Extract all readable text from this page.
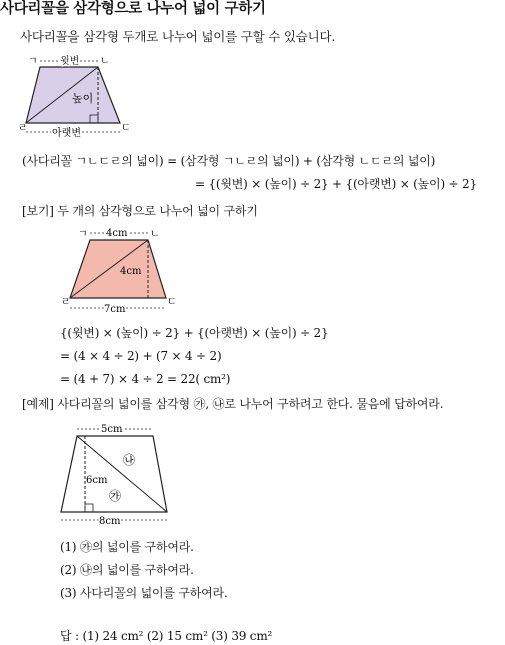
사다리꼴을 삼각형으로 나누어 넓이 구하기
사다리꼴을 삼각형 두개로 나누어 넓이를 구할 수 있습니다.
ㄱ	ㄴ
ㄹ	ㄷ
윗변
높이
아랫변
(사다리꼴 ㄱㄴㄷㄹ의 넓이) = (삼각형 ㄱㄴㄹ의 넓이) + (삼각형 ㄴㄷㄹ의 넓이)
= {(윗변) × (높이) ÷ 2} + {(아랫변) × (높이) ÷ 2}
[보기] 두 개의 삼각형으로 나누어 넓이 구하기
ㄱ	ㄴ
ㄹ	ㄷ
4cm
4cm
7cm
{(윗변) × (높이) ÷ 2} + {(아랫변) × (높이) ÷ 2}
= (4 × 4 ÷ 2) + (7 × 4 ÷ 2)
= (4 + 7) × 4 ÷ 2 = 22( cm²)
[예제] 사다리꼴의 넓이를 삼각형 ㉮, ㉯로 나누어 구하려고 한다. 물음에 답하여라.
5cm
6cm
8cm
㉯
㉮
(1) ㉮의 넓이를 구하여라.
(2) ㉯의 넓이를 구하여라.
(3) 사다리꼴의 넓이를 구하여라.
답 : (1) 24 cm² (2) 15 cm² (3) 39 cm²
